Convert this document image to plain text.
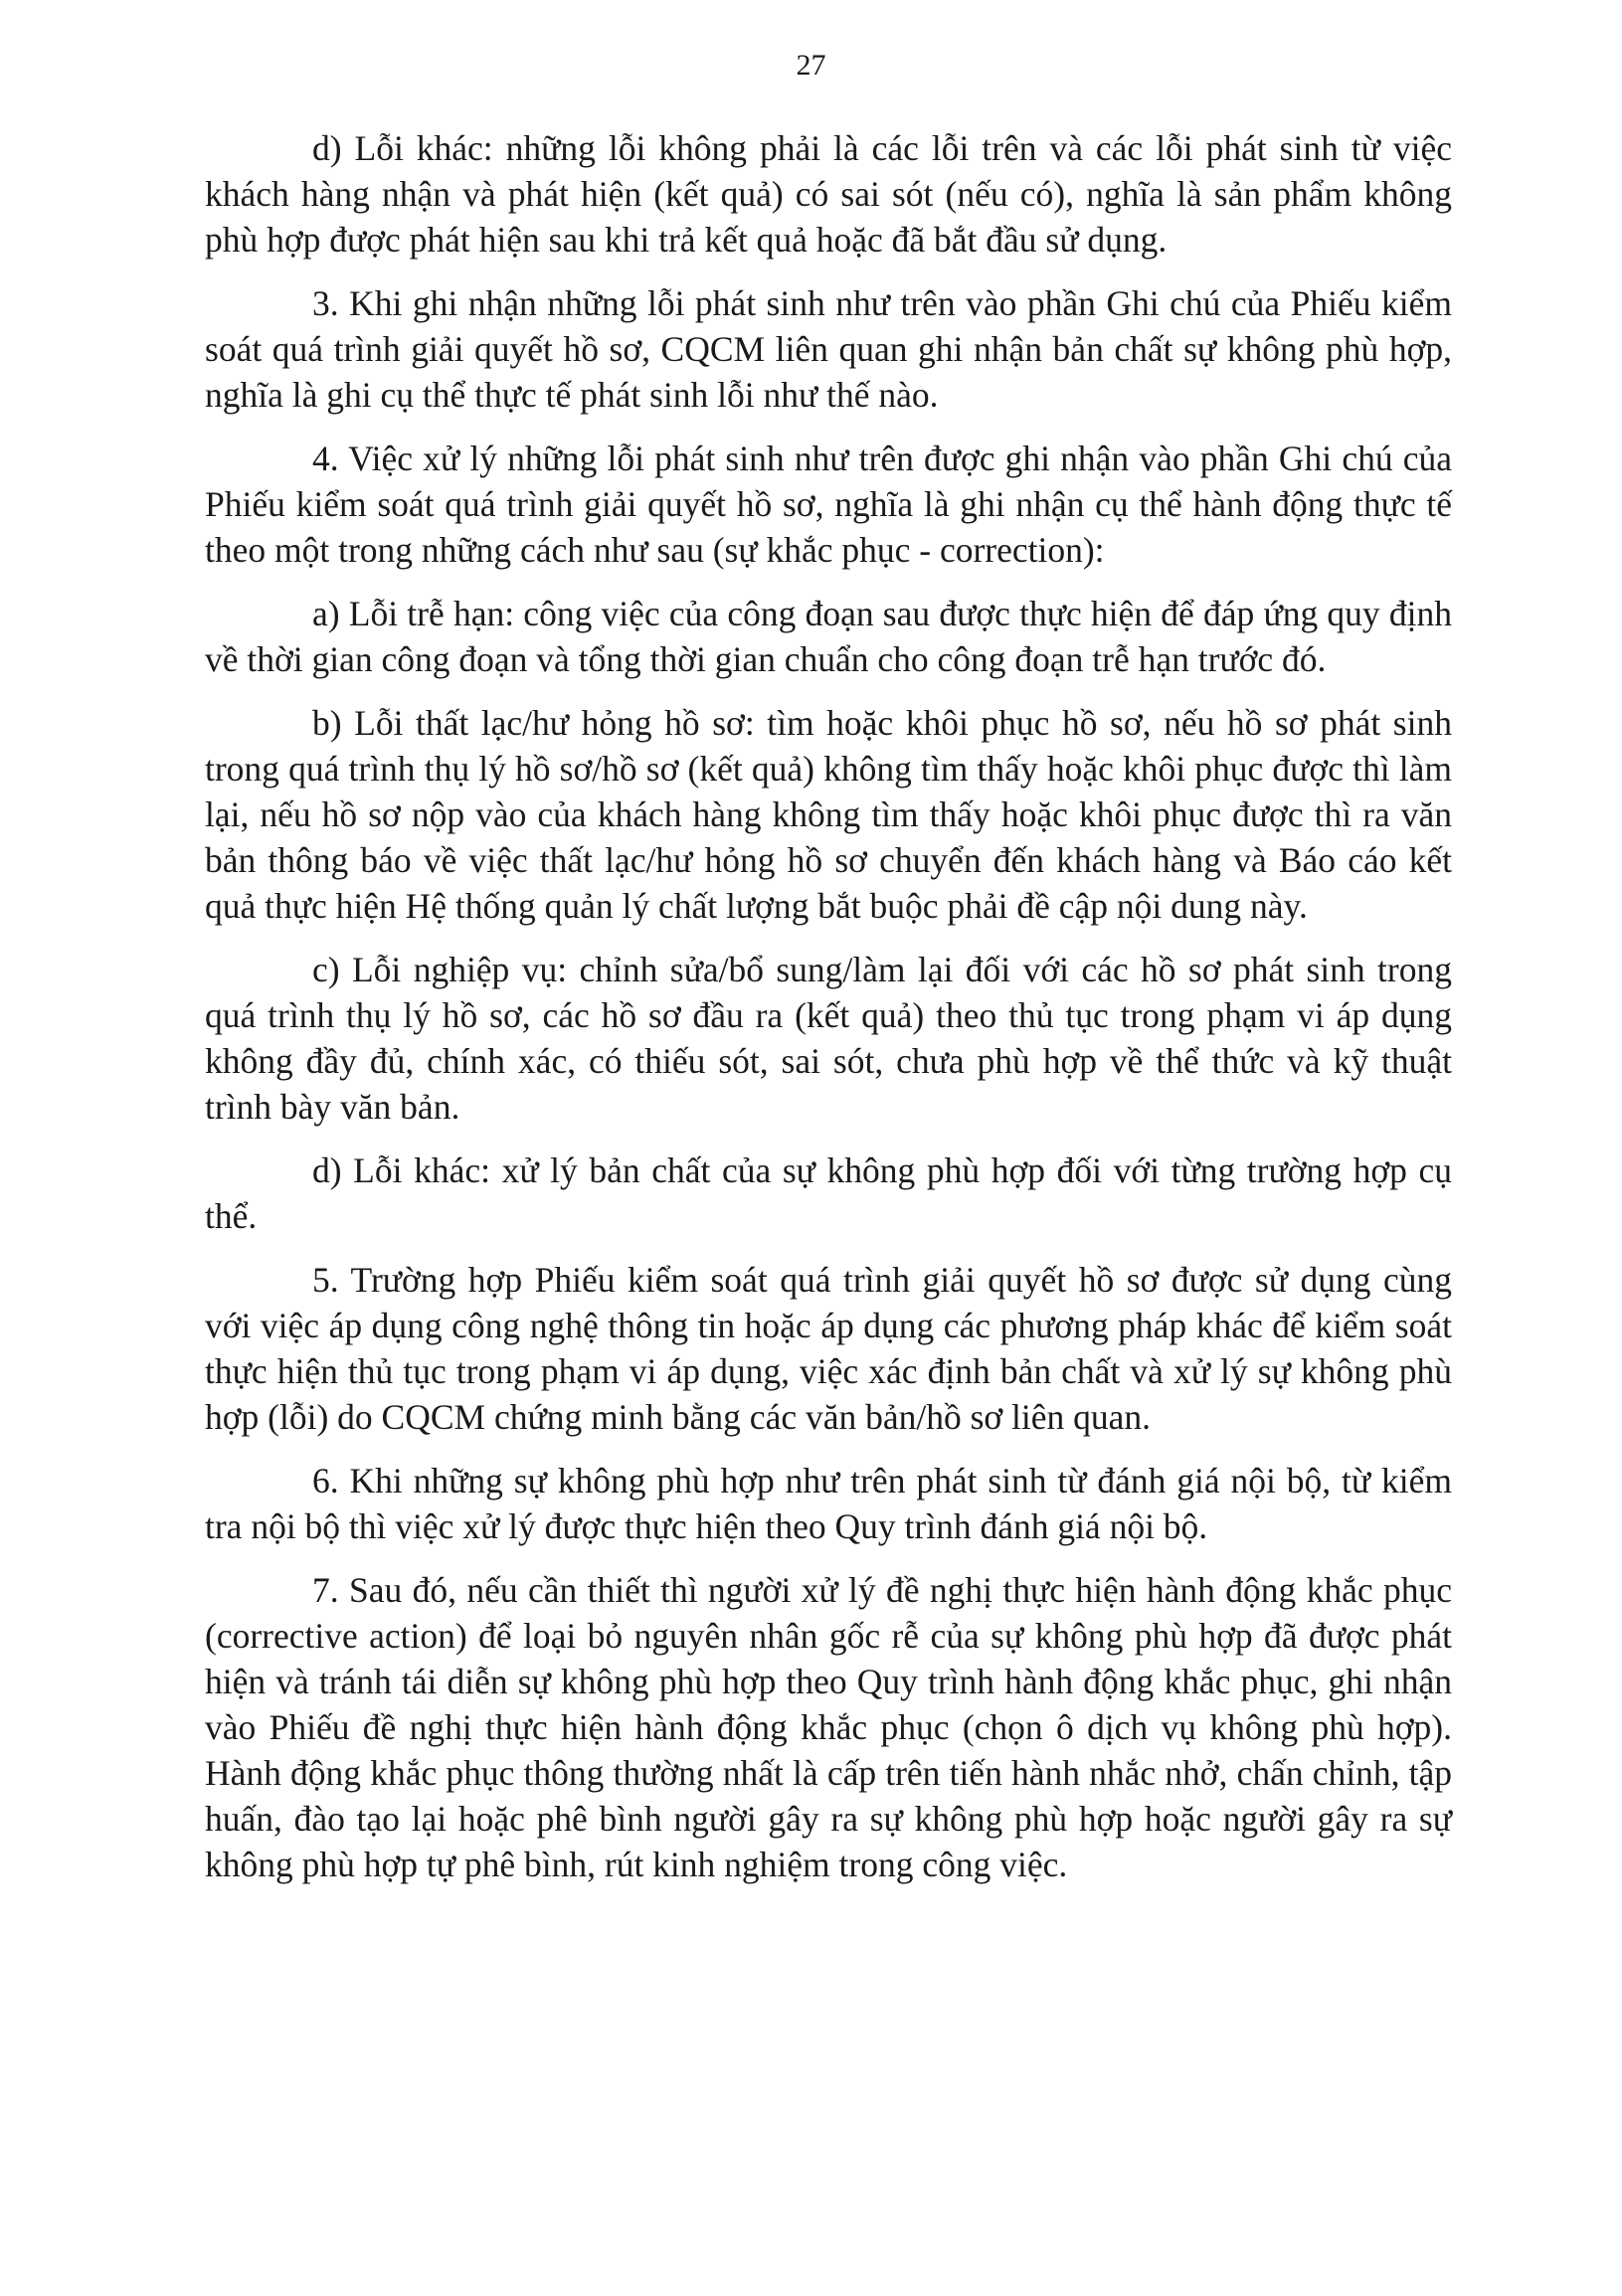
27

d) Lỗi khác: những lỗi không phải là các lỗi trên và các lỗi phát sinh từ việc khách hàng nhận và phát hiện (kết quả) có sai sót (nếu có), nghĩa là sản phẩm không phù hợp được phát hiện sau khi trả kết quả hoặc đã bắt đầu sử dụng.

3. Khi ghi nhận những lỗi phát sinh như trên vào phần Ghi chú của Phiếu kiểm soát quá trình giải quyết hồ sơ, CQCM liên quan ghi nhận bản chất sự không phù hợp, nghĩa là ghi cụ thể thực tế phát sinh lỗi như thế nào.

4. Việc xử lý những lỗi phát sinh như trên được ghi nhận vào phần Ghi chú của Phiếu kiểm soát quá trình giải quyết hồ sơ, nghĩa là ghi nhận cụ thể hành động thực tế theo một trong những cách như sau (sự khắc phục - correction):

a) Lỗi trễ hạn: công việc của công đoạn sau được thực hiện để đáp ứng quy định về thời gian công đoạn và tổng thời gian chuẩn cho công đoạn trễ hạn trước đó.

b) Lỗi thất lạc/hư hỏng hồ sơ: tìm hoặc khôi phục hồ sơ, nếu hồ sơ phát sinh trong quá trình thụ lý hồ sơ/hồ sơ (kết quả) không tìm thấy hoặc khôi phục được thì làm lại, nếu hồ sơ nộp vào của khách hàng không tìm thấy hoặc khôi phục được thì ra văn bản thông báo về việc thất lạc/hư hỏng hồ sơ chuyển đến khách hàng và Báo cáo kết quả thực hiện Hệ thống quản lý chất lượng bắt buộc phải đề cập nội dung này.

c) Lỗi nghiệp vụ: chỉnh sửa/bổ sung/làm lại đối với các hồ sơ phát sinh trong quá trình thụ lý hồ sơ, các hồ sơ đầu ra (kết quả) theo thủ tục trong phạm vi áp dụng không đầy đủ, chính xác, có thiếu sót, sai sót, chưa phù hợp về thể thức và kỹ thuật trình bày văn bản.

d) Lỗi khác: xử lý bản chất của sự không phù hợp đối với từng trường hợp cụ thể.

5. Trường hợp Phiếu kiểm soát quá trình giải quyết hồ sơ được sử dụng cùng với việc áp dụng công nghệ thông tin hoặc áp dụng các phương pháp khác để kiểm soát thực hiện thủ tục trong phạm vi áp dụng, việc xác định bản chất và xử lý sự không phù hợp (lỗi) do CQCM chứng minh bằng các văn bản/hồ sơ liên quan.

6. Khi những sự không phù hợp như trên phát sinh từ đánh giá nội bộ, từ kiểm tra nội bộ thì việc xử lý được thực hiện theo Quy trình đánh giá nội bộ.

7. Sau đó, nếu cần thiết thì người xử lý đề nghị thực hiện hành động khắc phục (corrective action) để loại bỏ nguyên nhân gốc rễ của sự không phù hợp đã được phát hiện và tránh tái diễn sự không phù hợp theo Quy trình hành động khắc phục, ghi nhận vào Phiếu đề nghị thực hiện hành động khắc phục (chọn ô dịch vụ không phù hợp). Hành động khắc phục thông thường nhất là cấp trên tiến hành nhắc nhở, chấn chỉnh, tập huấn, đào tạo lại hoặc phê bình người gây ra sự không phù hợp hoặc người gây ra sự không phù hợp tự phê bình, rút kinh nghiệm trong công việc.
